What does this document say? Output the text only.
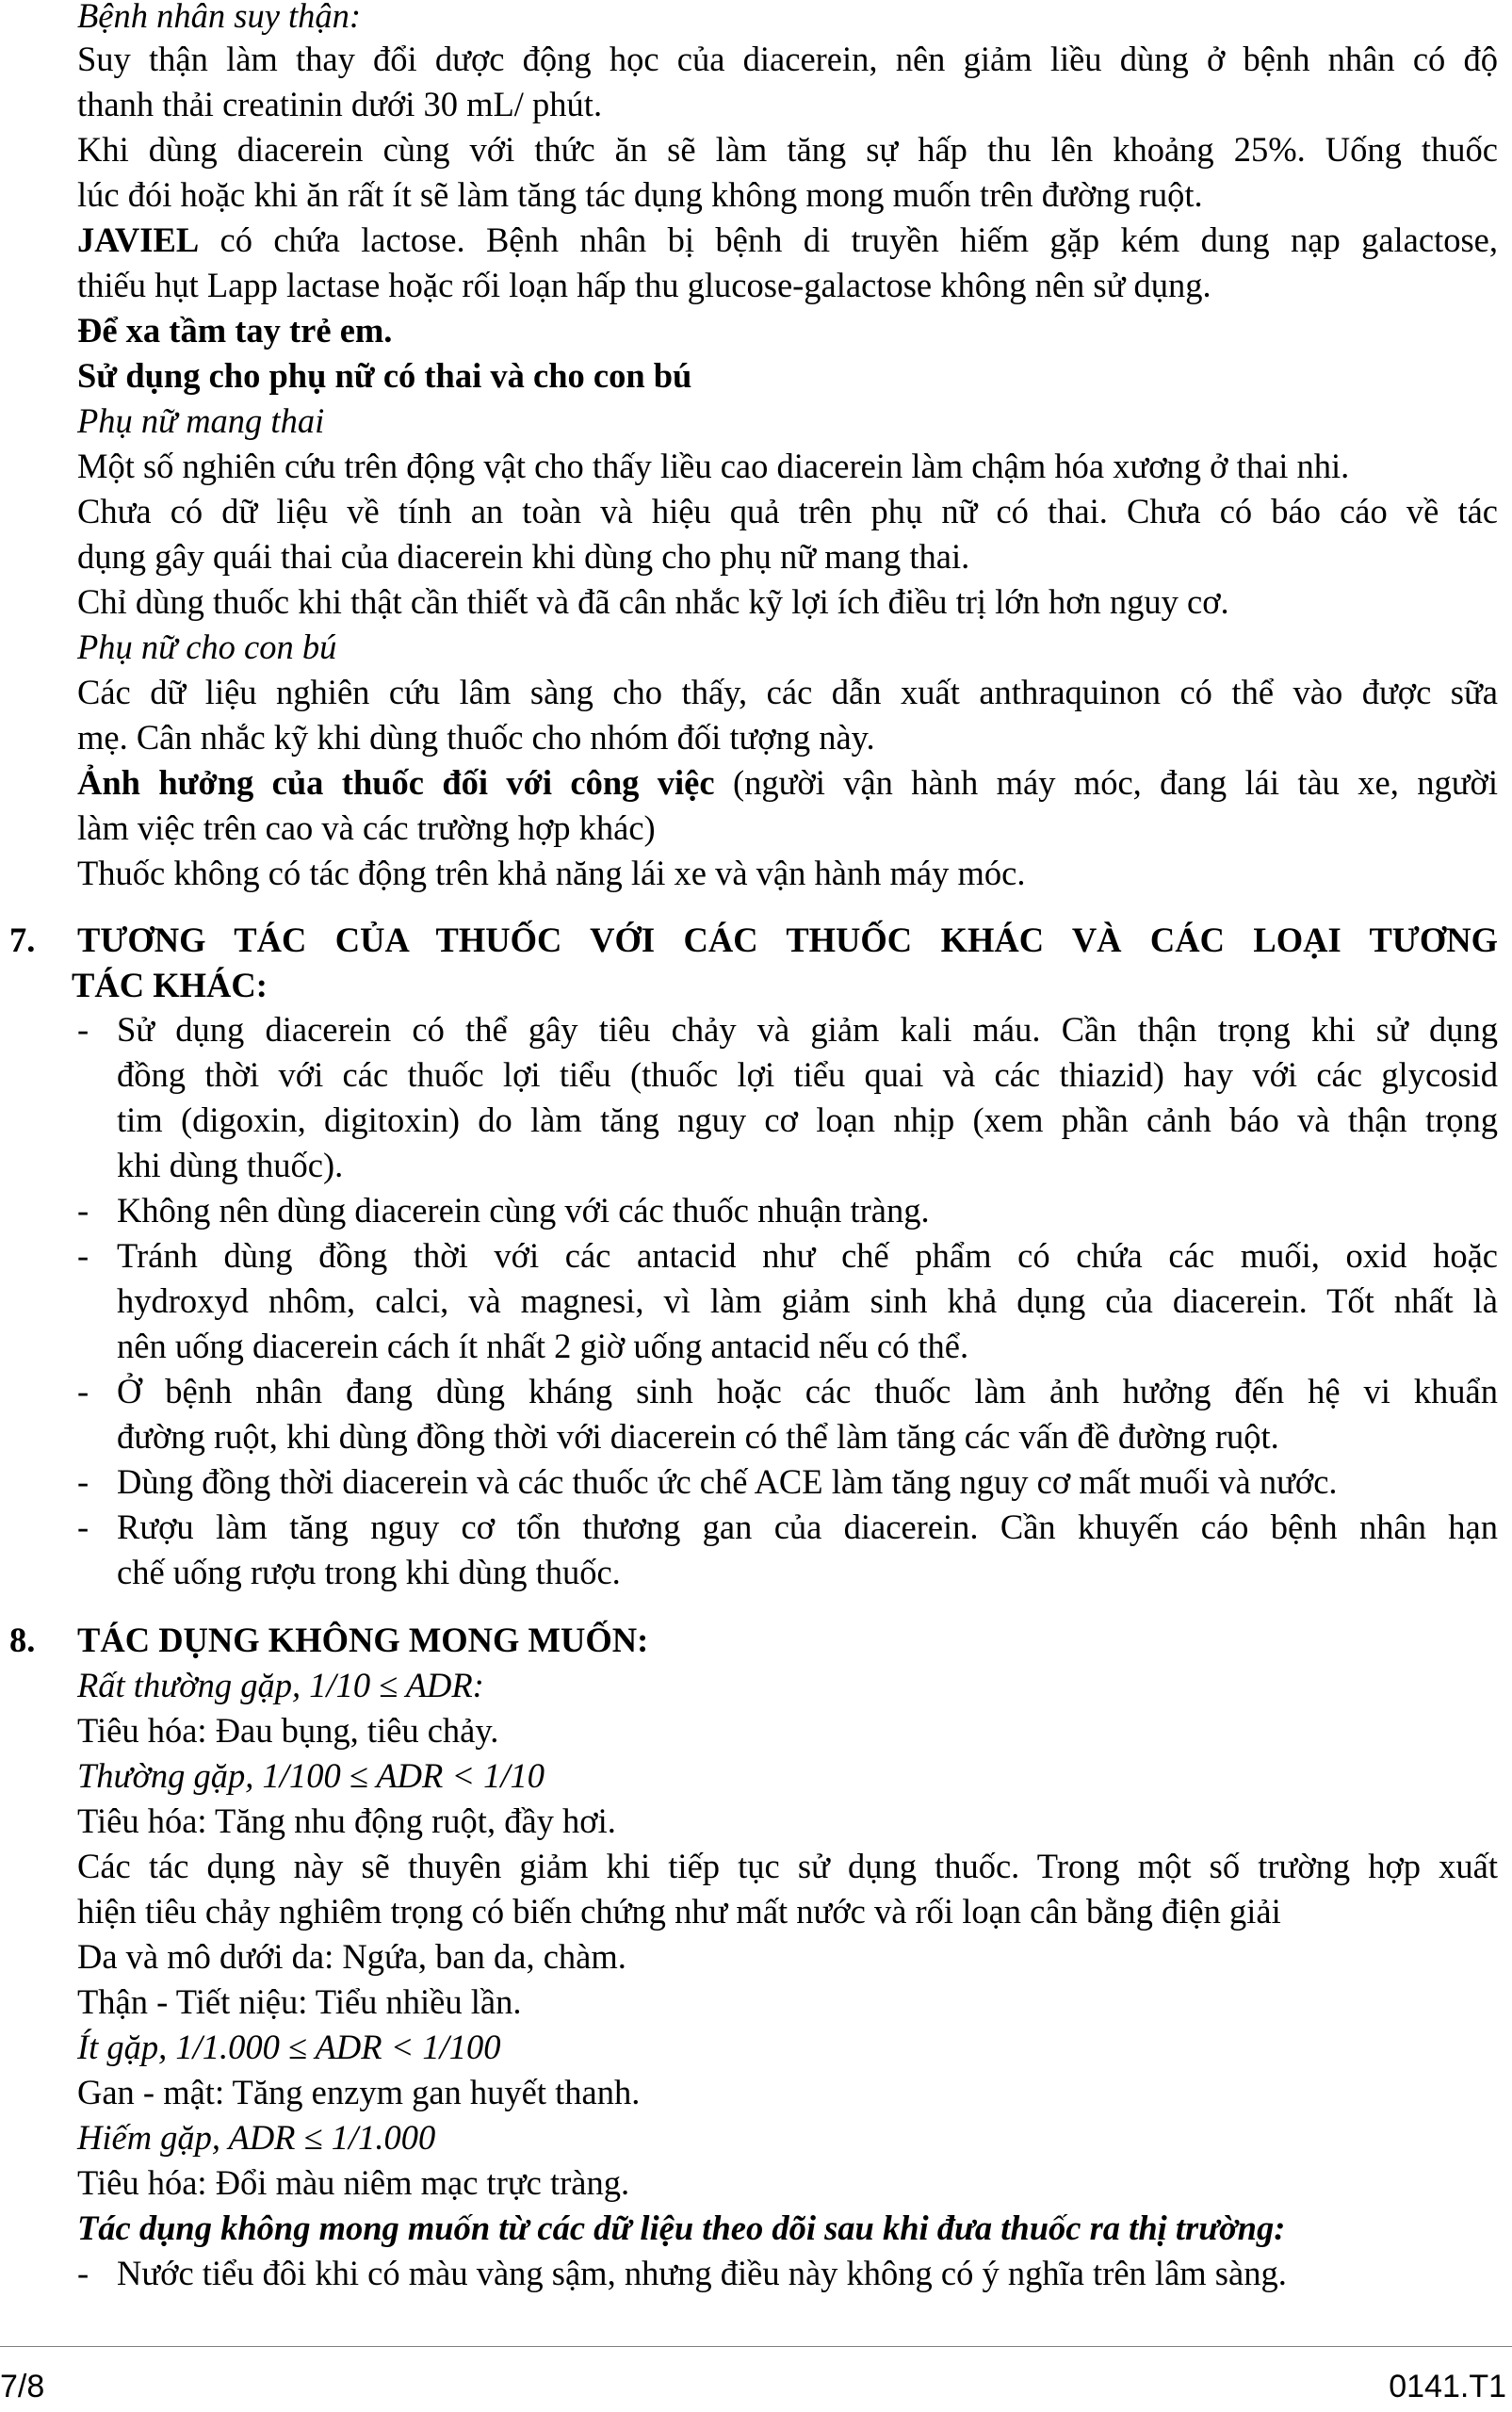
Bệnh nhân suy thận:
Suy thận làm thay đổi dược động học của diacerein, nên giảm liều dùng ở bệnh nhân có độ
thanh thải creatinin dưới 30 mL/ phút.
Khi dùng diacerein cùng với thức ăn sẽ làm tăng sự hấp thu lên khoảng 25%. Uống thuốc
lúc đói hoặc khi ăn rất ít sẽ làm tăng tác dụng không mong muốn trên đường ruột.
JAVIEL có chứa lactose. Bệnh nhân bị bệnh di truyền hiếm gặp kém dung nạp galactose,
thiếu hụt Lapp lactase hoặc rối loạn hấp thu glucose-galactose không nên sử dụng.
Để xa tầm tay trẻ em.
Sử dụng cho phụ nữ có thai và cho con bú
Phụ nữ mang thai
Một số nghiên cứu trên động vật cho thấy liều cao diacerein làm chậm hóa xương ở thai nhi.
Chưa có dữ liệu về tính an toàn và hiệu quả trên phụ nữ có thai. Chưa có báo cáo về tác
dụng gây quái thai của diacerein khi dùng cho phụ nữ mang thai.
Chỉ dùng thuốc khi thật cần thiết và đã cân nhắc kỹ lợi ích điều trị lớn hơn nguy cơ.
Phụ nữ cho con bú
Các dữ liệu nghiên cứu lâm sàng cho thấy, các dẫn xuất anthraquinon có thể vào được sữa
mẹ. Cân nhắc kỹ khi dùng thuốc cho nhóm đối tượng này.
Ảnh hưởng của thuốc đối với công việc (người vận hành máy móc, đang lái tàu xe, người
làm việc trên cao và các trường hợp khác)
Thuốc không có tác động trên khả năng lái xe và vận hành máy móc.
7. TƯƠNG TÁC CỦA THUỐC VỚI CÁC THUỐC KHÁC VÀ CÁC LOẠI TƯƠNG
TÁC KHÁC:
- Sử dụng diacerein có thể gây tiêu chảy và giảm kali máu. Cần thận trọng khi sử dụng
đồng thời với các thuốc lợi tiểu (thuốc lợi tiểu quai và các thiazid) hay với các glycosid
tim (digoxin, digitoxin) do làm tăng nguy cơ loạn nhịp (xem phần cảnh báo và thận trọng
khi dùng thuốc).
- Không nên dùng diacerein cùng với các thuốc nhuận tràng.
- Tránh dùng đồng thời với các antacid như chế phẩm có chứa các muối, oxid hoặc
hydroxyd nhôm, calci, và magnesi, vì làm giảm sinh khả dụng của diacerein. Tốt nhất là
nên uống diacerein cách ít nhất 2 giờ uống antacid nếu có thể.
- Ở bệnh nhân đang dùng kháng sinh hoặc các thuốc làm ảnh hưởng đến hệ vi khuẩn
đường ruột, khi dùng đồng thời với diacerein có thể làm tăng các vấn đề đường ruột.
- Dùng đồng thời diacerein và các thuốc ức chế ACE làm tăng nguy cơ mất muối và nước.
- Rượu làm tăng nguy cơ tổn thương gan của diacerein. Cần khuyến cáo bệnh nhân hạn
chế uống rượu trong khi dùng thuốc.
8. TÁC DỤNG KHÔNG MONG MUỐN:
Rất thường gặp, 1/10 ≤ ADR:
Tiêu hóa: Đau bụng, tiêu chảy.
Thường gặp, 1/100 ≤ ADR < 1/10
Tiêu hóa: Tăng nhu động ruột, đầy hơi.
Các tác dụng này sẽ thuyên giảm khi tiếp tục sử dụng thuốc. Trong một số trường hợp xuất
hiện tiêu chảy nghiêm trọng có biến chứng như mất nước và rối loạn cân bằng điện giải
Da và mô dưới da: Ngứa, ban da, chàm.
Thận - Tiết niệu: Tiểu nhiều lần.
Ít gặp, 1/1.000 ≤ ADR < 1/100
Gan - mật: Tăng enzym gan huyết thanh.
Hiếm gặp, ADR ≤ 1/1.000
Tiêu hóa: Đổi màu niêm mạc trực tràng.
Tác dụng không mong muốn từ các dữ liệu theo dõi sau khi đưa thuốc ra thị trường:
- Nước tiểu đôi khi có màu vàng sậm, nhưng điều này không có ý nghĩa trên lâm sàng.
7/8	0141.T1
